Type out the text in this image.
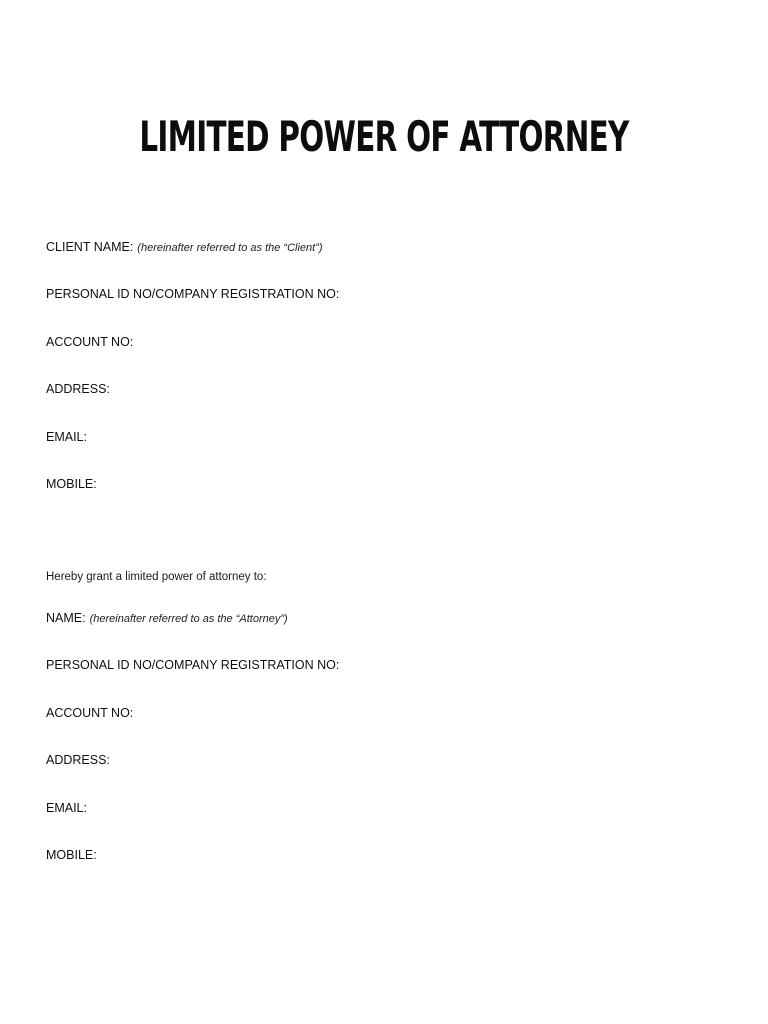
LIMITED POWER OF ATTORNEY
CLIENT NAME: (hereinafter referred to as the “Client”)
PERSONAL ID NO/COMPANY REGISTRATION NO:
ACCOUNT NO:
ADDRESS:
EMAIL:
MOBILE:
Hereby grant a limited power of attorney to:
NAME: (hereinafter referred to as the “Attorney”)
PERSONAL ID NO/COMPANY REGISTRATION NO:
ACCOUNT NO:
ADDRESS:
EMAIL:
MOBILE:
